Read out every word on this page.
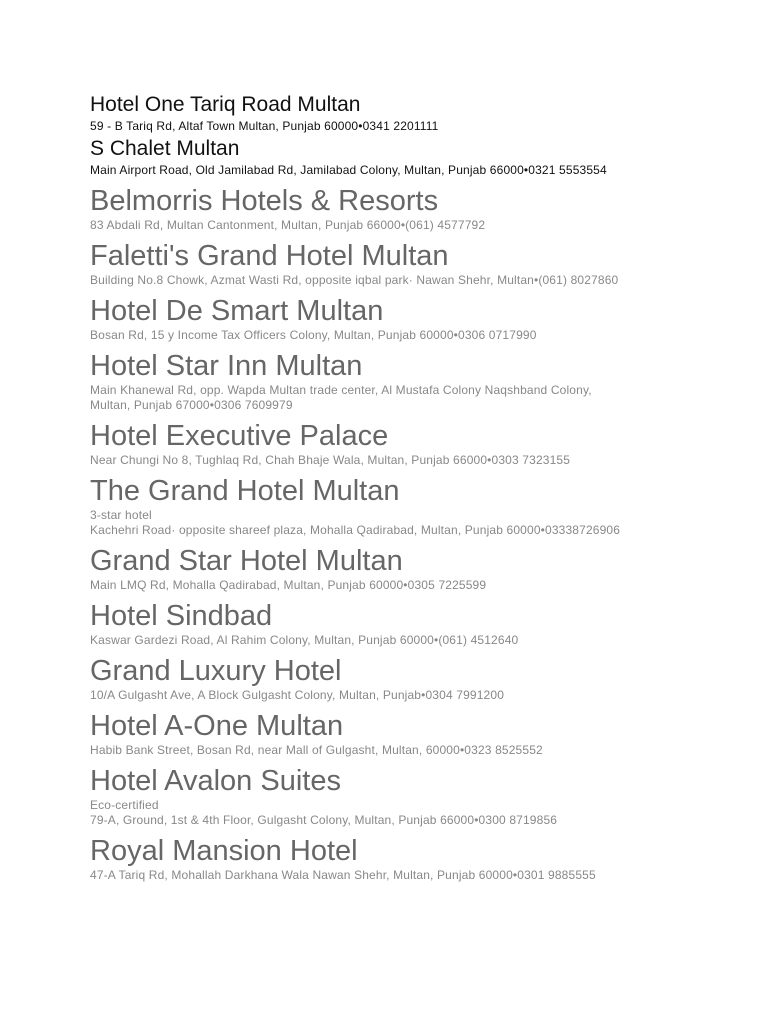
Hotel One Tariq Road Multan
59 - B Tariq Rd, Altaf Town Multan, Punjab 60000•0341 2201111
S Chalet Multan
Main Airport Road, Old Jamilabad Rd, Jamilabad Colony, Multan, Punjab 66000•0321 5553554
Belmorris Hotels & Resorts
83 Abdali Rd, Multan Cantonment, Multan, Punjab 66000•(061) 4577792
Faletti's Grand Hotel Multan
Building No.8 Chowk, Azmat Wasti Rd, opposite iqbal park· Nawan Shehr, Multan•(061) 8027860
Hotel De Smart Multan
Bosan Rd, 15 y Income Tax Officers Colony, Multan, Punjab 60000•0306 0717990
Hotel Star Inn Multan
Main Khanewal Rd, opp. Wapda Multan trade center, Al Mustafa Colony Naqshband Colony,
Multan, Punjab 67000•0306 7609979
Hotel Executive Palace
Near Chungi No 8, Tughlaq Rd, Chah Bhaje Wala, Multan, Punjab 66000•0303 7323155
The Grand Hotel Multan
3-star hotel
Kachehri Road· opposite shareef plaza, Mohalla Qadirabad, Multan, Punjab 60000•03338726906
Grand Star Hotel Multan
Main LMQ Rd, Mohalla Qadirabad, Multan, Punjab 60000•0305 7225599
Hotel Sindbad
Kaswar Gardezi Road, Al Rahim Colony, Multan, Punjab 60000•(061) 4512640
Grand Luxury Hotel
10/A Gulgasht Ave, A Block Gulgasht Colony, Multan, Punjab•0304 7991200
Hotel A-One Multan
Habib Bank Street, Bosan Rd, near Mall of Gulgasht, Multan, 60000•0323 8525552
Hotel Avalon Suites
Eco-certified
79-A, Ground, 1st & 4th Floor, Gulgasht Colony, Multan, Punjab 66000•0300 8719856
Royal Mansion Hotel
47-A Tariq Rd, Mohallah Darkhana Wala Nawan Shehr, Multan, Punjab 60000•0301 9885555
